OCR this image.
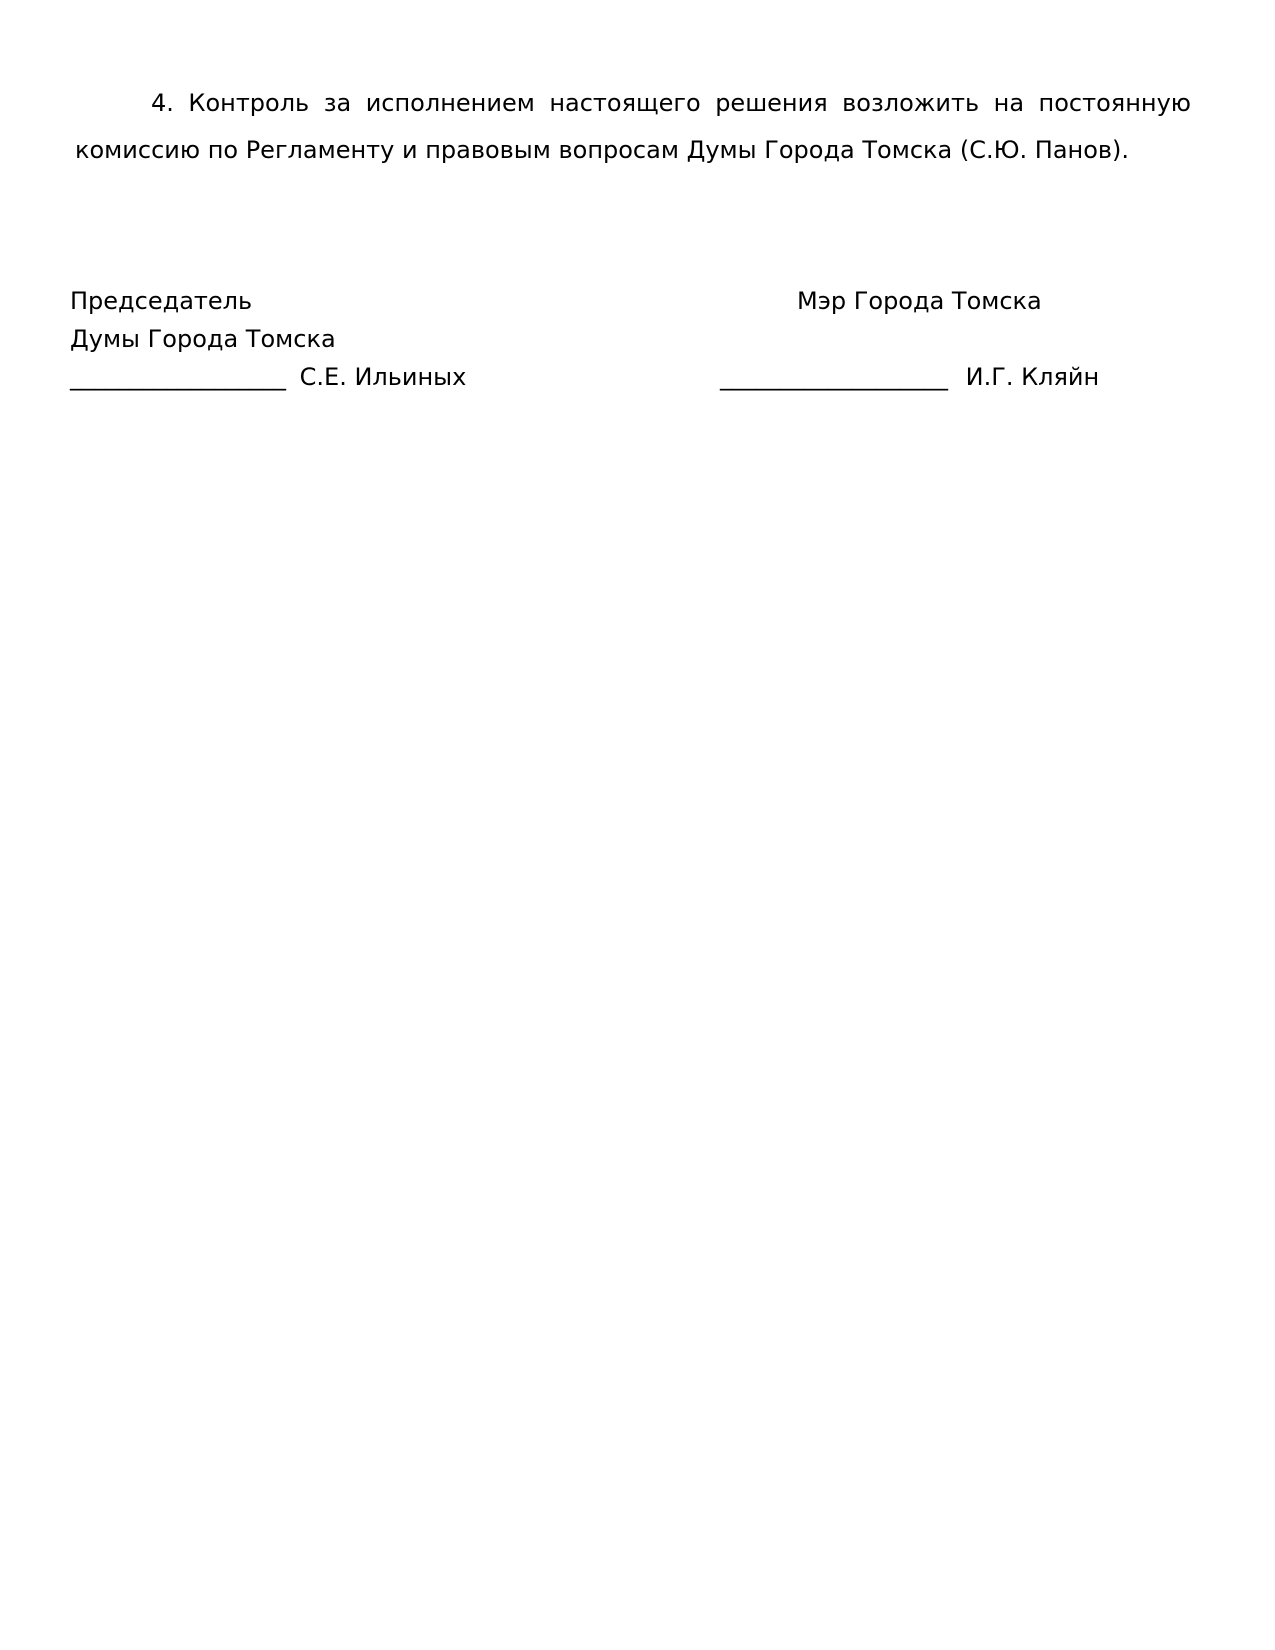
4. Контроль за исполнением настоящего решения возложить на постоянную комиссию по Регламенту и правовым вопросам Думы Города Томска (С.Ю. Панов).

Председатель
Думы Города Томска
__________________ С.Е. Ильиных
Мэр Города Томска
___________________ И.Г. Кляйн
